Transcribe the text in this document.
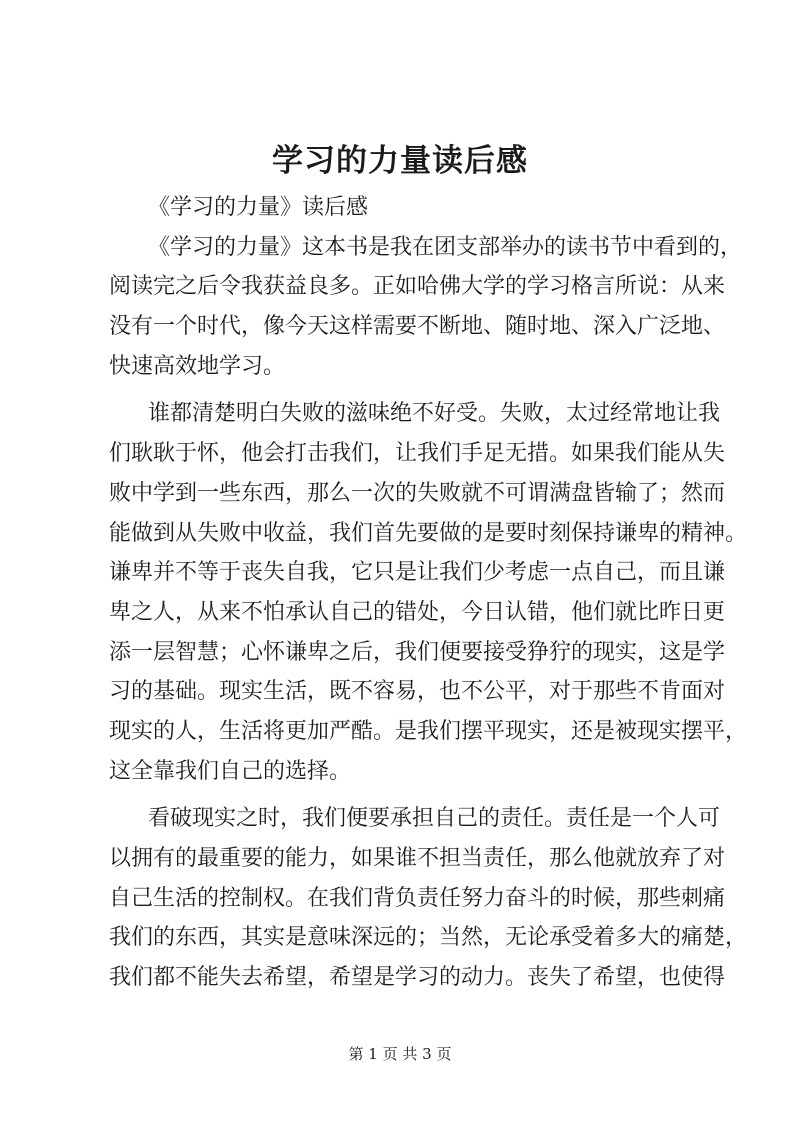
学习的力量读后感
《学习的力量》读后感
《学习的力量》这本书是我在团支部举办的读书节中看到的，
阅读完之后令我获益良多。正如哈佛大学的学习格言所说：从来
没有一个时代，像今天这样需要不断地、随时地、深入广泛地、
快速高效地学习。
谁都清楚明白失败的滋味绝不好受。失败，太过经常地让我
们耿耿于怀，他会打击我们，让我们手足无措。如果我们能从失
败中学到一些东西，那么一次的失败就不可谓满盘皆输了；然而
能做到从失败中收益，我们首先要做的是要时刻保持谦卑的精神。
谦卑并不等于丧失自我，它只是让我们少考虑一点自己，而且谦
卑之人，从来不怕承认自己的错处，今日认错，他们就比昨日更
添一层智慧；心怀谦卑之后，我们便要接受狰狞的现实，这是学
习的基础。现实生活，既不容易，也不公平，对于那些不肯面对
现实的人，生活将更加严酷。是我们摆平现实，还是被现实摆平，
这全靠我们自己的选择。
看破现实之时，我们便要承担自己的责任。责任是一个人可
以拥有的最重要的能力，如果谁不担当责任，那么他就放弃了对
自己生活的控制权。在我们背负责任努力奋斗的时候，那些刺痛
我们的东西，其实是意味深远的；当然，无论承受着多大的痛楚，
我们都不能失去希望，希望是学习的动力。丧失了希望，也使得
第 1 页 共 3 页
